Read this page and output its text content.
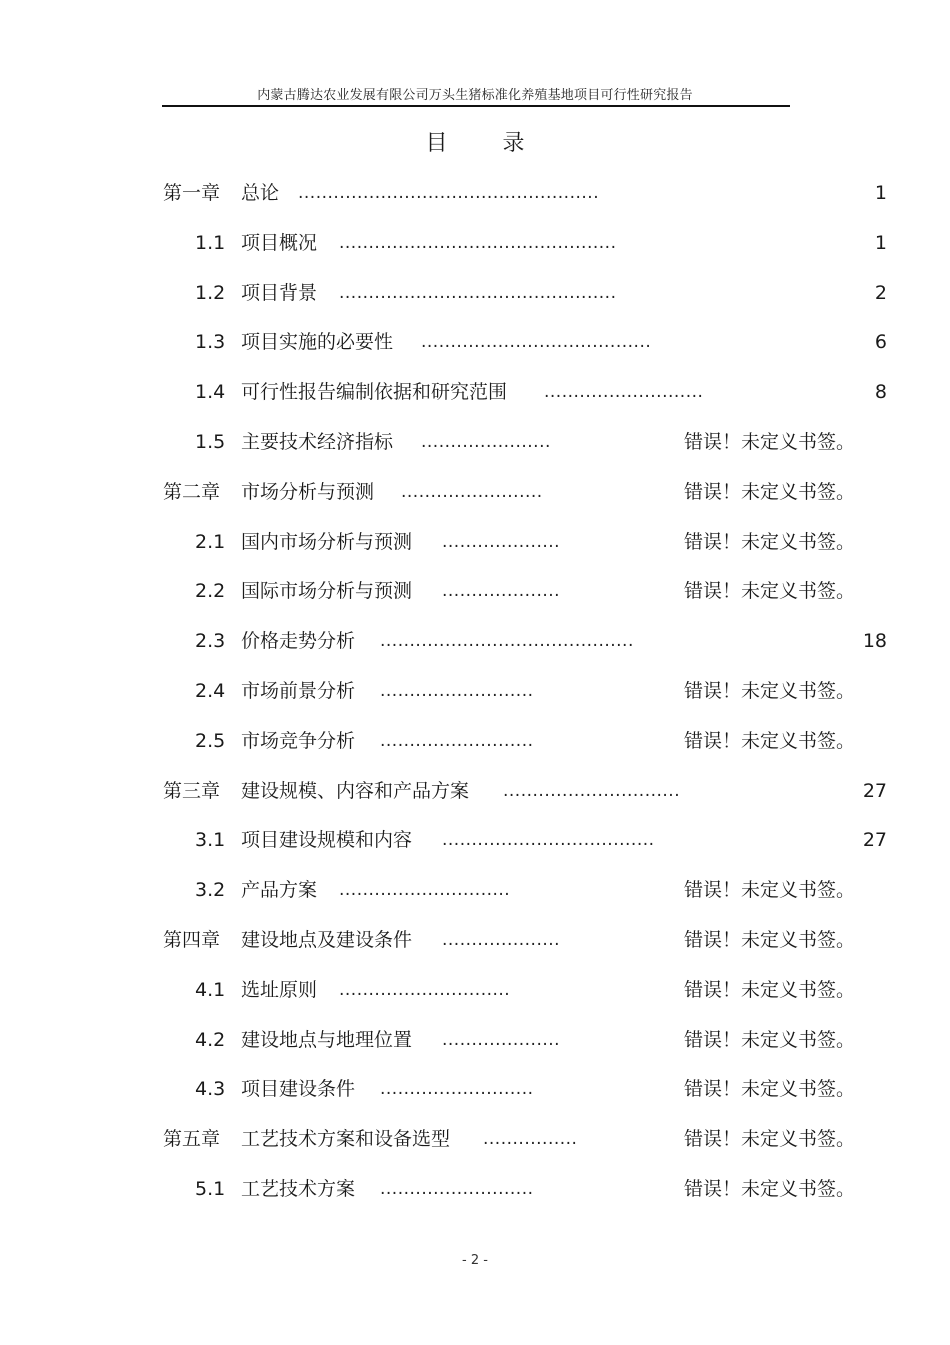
内蒙古腾达农业发展有限公司万头生猪标准化养殖基地项目可行性研究报告
目 录
第一章 总论 ...................................................	1
1.1 项目概况 ...............................................	1
1.2 项目背景 ...............................................	2
1.3 项目实施的必要性 .......................................	6
1.4 可行性报告编制依据和研究范围 ...........................	8
1.5 主要技术经济指标 ......................	错误！未定义书签。
第二章 市场分析与预测 ........................	错误！未定义书签。
2.1 国内市场分析与预测 ....................	错误！未定义书签。
2.2 国际市场分析与预测 ....................	错误！未定义书签。
2.3 价格走势分析 ...........................................	18
2.4 市场前景分析 ..........................	错误！未定义书签。
2.5 市场竞争分析 ..........................	错误！未定义书签。
第三章 建设规模、内容和产品方案 ..............................	27
3.1 项目建设规模和内容 ....................................	27
3.2 产品方案 .............................	错误！未定义书签。
第四章 建设地点及建设条件 ....................	错误！未定义书签。
4.1 选址原则 .............................	错误！未定义书签。
4.2 建设地点与地理位置 ....................	错误！未定义书签。
4.3 项目建设条件 ..........................	错误！未定义书签。
第五章 工艺技术方案和设备选型 ................	错误！未定义书签。
5.1 工艺技术方案 ..........................	错误！未定义书签。
- 2 -
